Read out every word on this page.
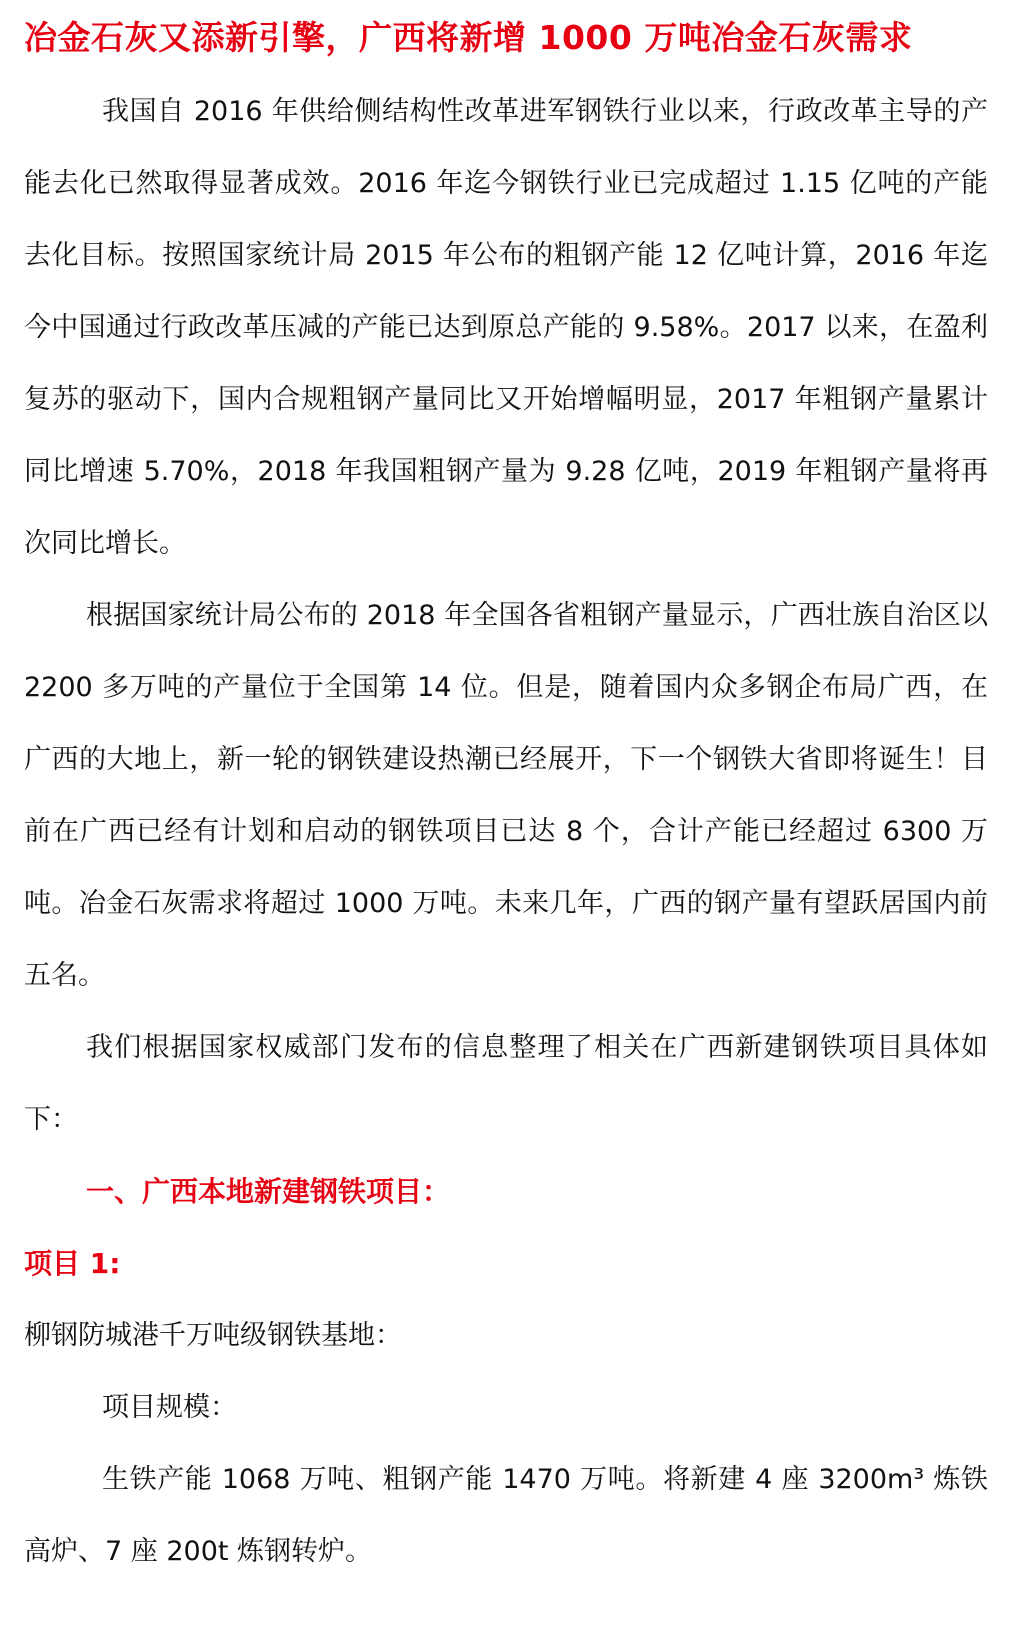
冶金石灰又添新引擎，广西将新增 1000 万吨冶金石灰需求

我国自 2016 年供给侧结构性改革进军钢铁行业以来，行政改革主导的产能去化已然取得显著成效。2016 年迄今钢铁行业已完成超过 1.15 亿吨的产能去化目标。按照国家统计局 2015 年公布的粗钢产能 12 亿吨计算，2016 年迄今中国通过行政改革压减的产能已达到原总产能的 9.58%。2017 以来，在盈利复苏的驱动下，国内合规粗钢产量同比又开始增幅明显，2017 年粗钢产量累计同比增速 5.70%，2018 年我国粗钢产量为 9.28 亿吨，2019 年粗钢产量将再次同比增长。

根据国家统计局公布的 2018 年全国各省粗钢产量显示，广西壮族自治区以 2200 多万吨的产量位于全国第 14 位。但是，随着国内众多钢企布局广西，在广西的大地上，新一轮的钢铁建设热潮已经展开，下一个钢铁大省即将诞生！目前在广西已经有计划和启动的钢铁项目已达 8 个，合计产能已经超过 6300 万吨。冶金石灰需求将超过 1000 万吨。未来几年，广西的钢产量有望跃居国内前五名。

我们根据国家权威部门发布的信息整理了相关在广西新建钢铁项目具体如下：

一、广西本地新建钢铁项目：

项目 1:

柳钢防城港千万吨级钢铁基地：

项目规模：

生铁产能 1068 万吨、粗钢产能 1470 万吨。将新建 4 座 3200m³ 炼铁高炉、7 座 200t 炼钢转炉。
